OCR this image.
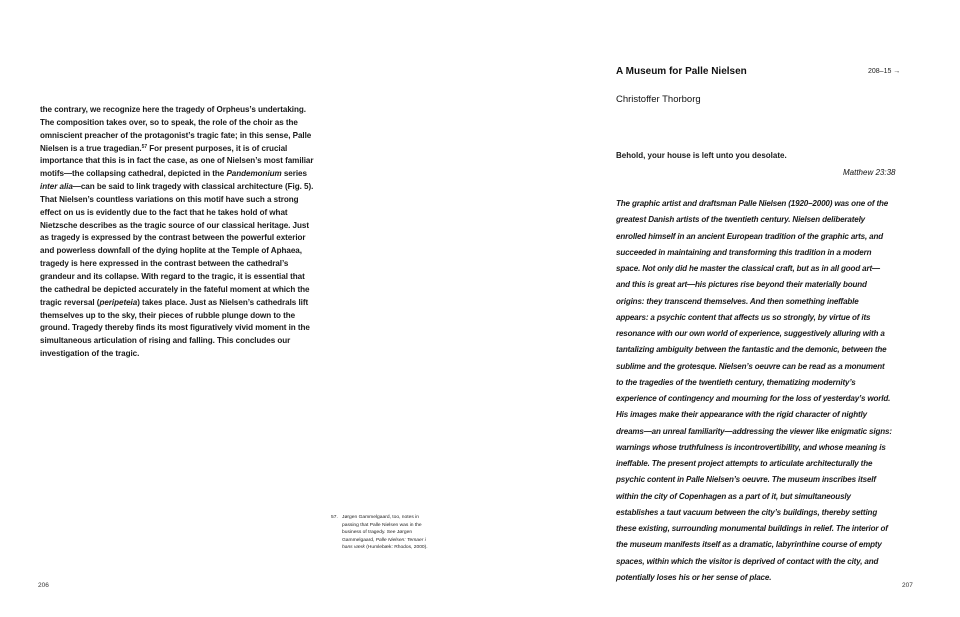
the contrary, we recognize here the tragedy of Orpheus’s undertaking. The composition takes over, so to speak, the role of the choir as the omniscient preacher of the protagonist’s tragic fate; in this sense, Palle Nielsen is a true tragedian.$^{57}$ For present purposes, it is of crucial importance that this is in fact the case, as one of Nielsen’s most familiar motifs—the collapsing cathedral, depicted in the Pandemonium series inter alia—can be said to link tragedy with classical architecture (Fig. 5). That Nielsen’s countless variations on this motif have such a strong effect on us is evidently due to the fact that he takes hold of what Nietzsche describes as the tragic source of our classical heritage. Just as tragedy is expressed by the contrast between the powerful exterior and powerless downfall of the dying hoplite at the Temple of Aphaea, tragedy is here expressed in the contrast between the cathedral’s grandeur and its collapse. With regard to the tragic, it is essential that the cathedral be depicted accurately in the fateful moment at which the tragic reversal (peripeteia) takes place. Just as Nielsen’s cathedrals lift themselves up to the sky, their pieces of rubble plunge down to the ground. Tragedy thereby finds its most figuratively vivid moment in the simultaneous articulation of rising and falling. This concludes our investigation of the tragic.

57. Jørgen Gammelgaard, too, notes in passing that Palle Nielsen was in the business of tragedy. See Jørgen Gammelgaard, Palle Nielsen: Temaer i hans værk (Humlebæk: Rhodos, 2000).
206
A Museum for Palle Nielsen	208–15 →
Christoffer Thorborg
Behold, your house is left unto you desolate.
Matthew 23:38

The graphic artist and draftsman Palle Nielsen (1920–2000) was one of the greatest Danish artists of the twentieth century. Nielsen deliberately enrolled himself in an ancient European tradition of the graphic arts, and succeeded in maintaining and transforming this tradition in a modern space. Not only did he master the classical craft, but as in all good art—and this is great art—his pictures rise beyond their materially bound origins: they transcend themselves. And then something ineffable appears: a psychic content that affects us so strongly, by virtue of its resonance with our own world of experience, suggestively alluring with a tantalizing ambiguity between the fantastic and the demonic, between the sublime and the grotesque. Nielsen’s oeuvre can be read as a monument to the tragedies of the twentieth century, thematizing modernity’s experience of contingency and mourning for the loss of yesterday’s world. His images make their appearance with the rigid character of nightly dreams—an unreal familiarity—addressing the viewer like enigmatic signs: warnings whose truthfulness is incontrovertibility, and whose meaning is ineffable. The present project attempts to articulate architecturally the psychic content in Palle Nielsen’s oeuvre. The museum inscribes itself within the city of Copenhagen as a part of it, but simultaneously establishes a taut vacuum between the city’s buildings, thereby setting these existing, surrounding monumental buildings in relief. The interior of the museum manifests itself as a dramatic, labyrinthine course of empty spaces, within which the visitor is deprived of contact with the city, and potentially loses his or her sense of place.

207
